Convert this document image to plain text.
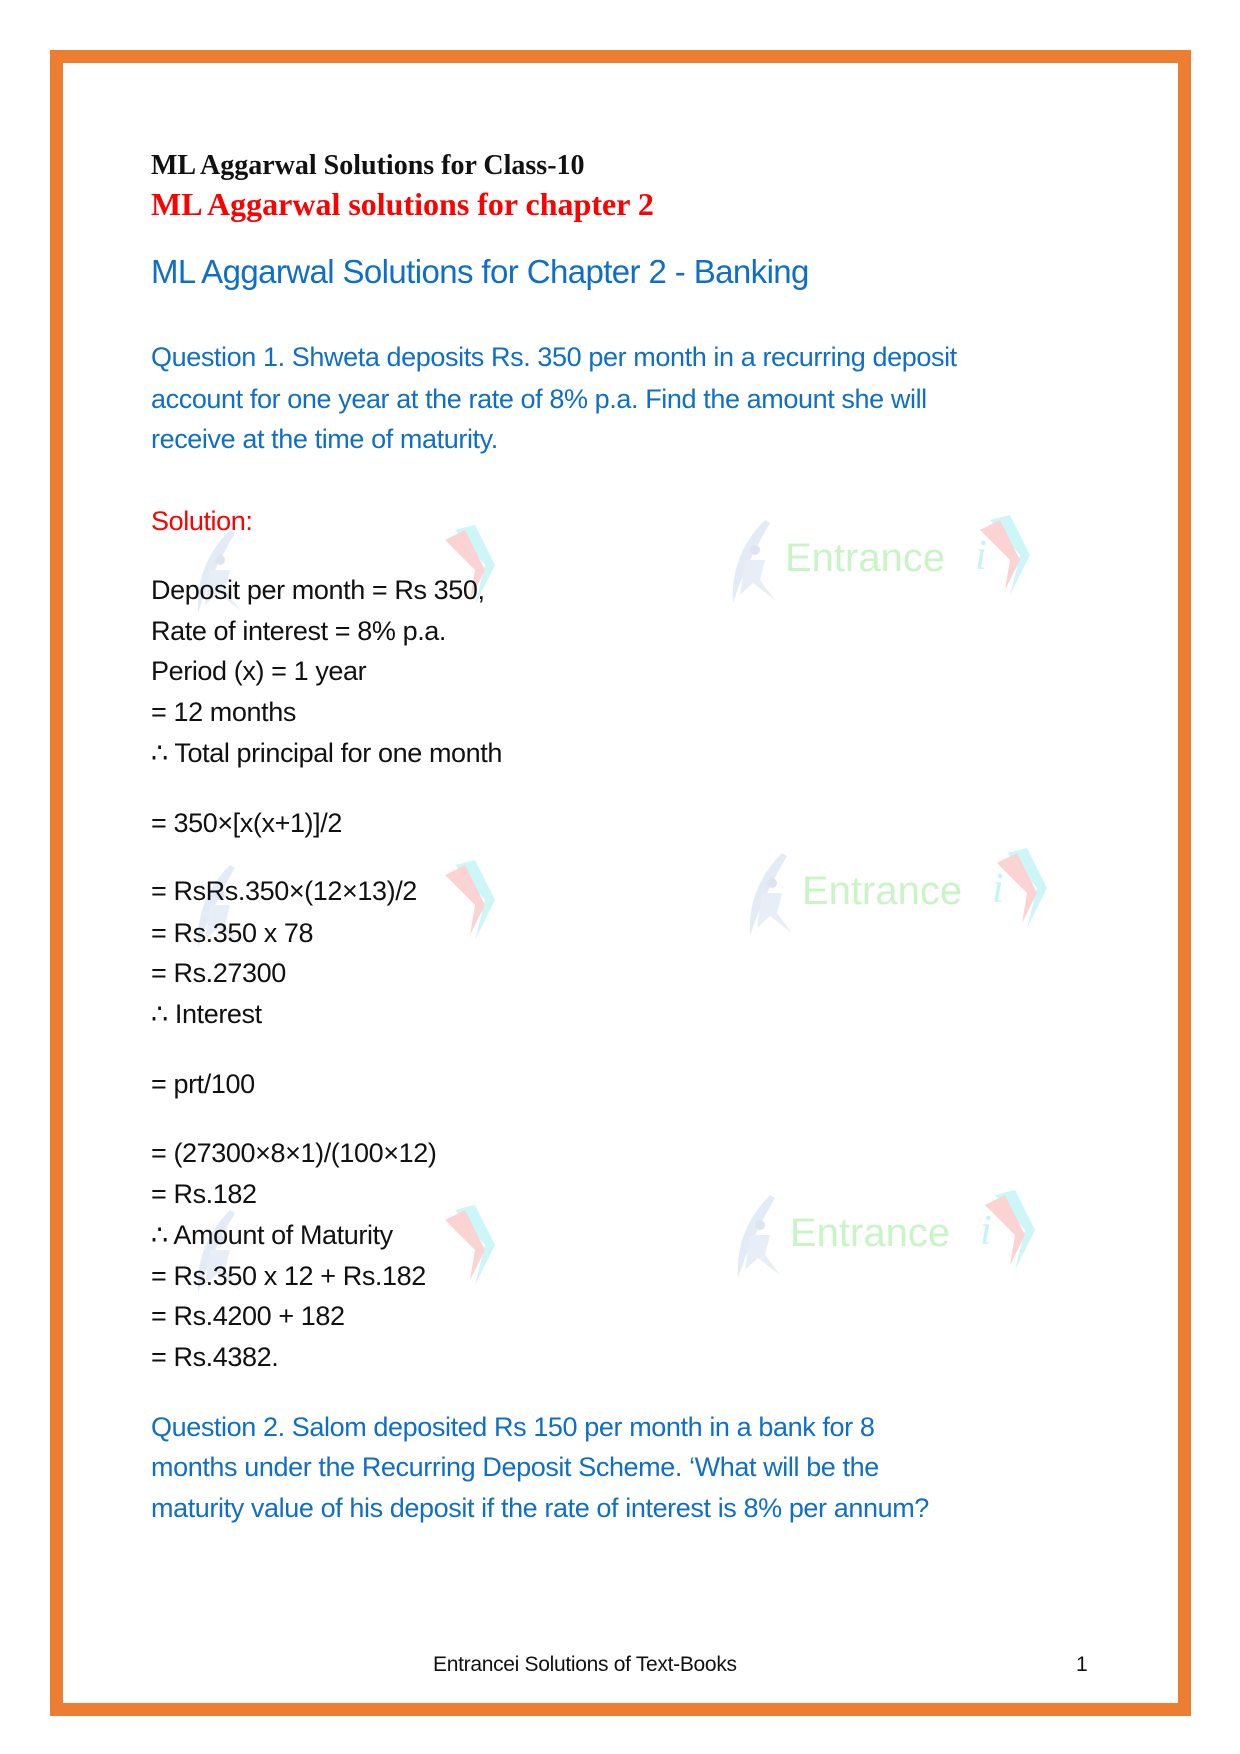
ML Aggarwal Solutions for Class-10
ML Aggarwal solutions for chapter 2
ML Aggarwal Solutions for Chapter 2 - Banking
Question 1. Shweta deposits Rs. 350 per month in a recurring deposit
account for one year at the rate of 8% p.a. Find the amount she will
receive at the time of maturity.
Solution:
Deposit per month = Rs 350,
Rate of interest = 8% p.a.
Period (x) = 1 year
= 12 months
∴ Total principal for one month
= 350×[x(x+1)]/2
= RsRs.350×(12×13)/2
= Rs.350 x 78
= Rs.27300
∴ Interest
= prt/100
= (27300×8×1)/(100×12)
= Rs.182
∴ Amount of Maturity
= Rs.350 x 12 + Rs.182
= Rs.4200 + 182
= Rs.4382.
Question 2. Salom deposited Rs 150 per month in a bank for 8
months under the Recurring Deposit Scheme. ‘What will be the
maturity value of his deposit if the rate of interest is 8% per annum?
Entrance i
Entrance i
Entrance i
Entrancei Solutions of Text-Books	1
